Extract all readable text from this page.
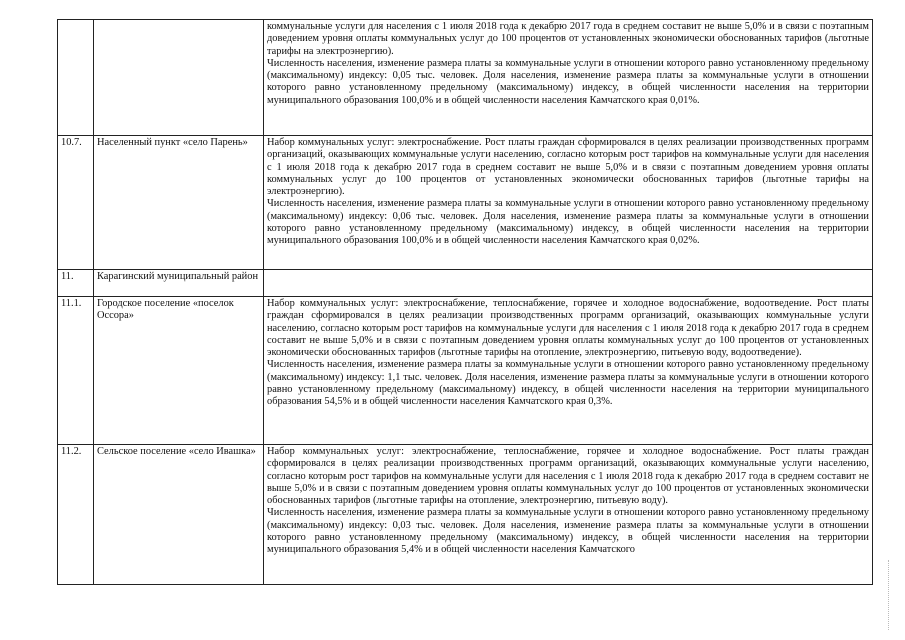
		коммунальные услуги для населения с 1 июля 2018 года к декабрю 2017 года в среднем составит не выше 5,0% и в связи с поэтапным доведением уровня оплаты коммунальных услуг до 100 процентов от установленных экономически обоснованных тарифов (льготные тарифы на электроэнергию).

Численность населения, изменение размера платы за коммунальные услуги в отношении которого равно установленному предельному (максимальному) индексу: 0,05 тыс. человек. Доля населения, изменение размера платы за коммунальные услуги в отношении которого равно установленному предельному (максимальному) индексу, в общей численности населения на территории муниципального образования 100,0% и в общей численности населения Камчатского края 0,01%.

10.7.	Населенный пункт «село Парень»	Набор коммунальных услуг: электроснабжение. Рост платы граждан сформировался в целях реализации производственных программ организаций, оказывающих коммунальные услуги населению, согласно которым рост тарифов на коммунальные услуги для населения с 1 июля 2018 года к декабрю 2017 года в среднем составит не выше 5,0% и в связи с поэтапным доведением уровня оплаты коммунальных услуг до 100 процентов от установленных экономически обоснованных тарифов (льготные тарифы на электроэнергию).

Численность населения, изменение размера платы за коммунальные услуги в отношении которого равно установленному предельному (максимальному) индексу: 0,06 тыс. человек. Доля населения, изменение размера платы за коммунальные услуги в отношении которого равно установленному предельному (максимальному) индексу, в общей численности населения на территории муниципального образования 100,0% и в общей численности населения Камчатского края 0,02%.

11.	Карагинский муниципальный район	
11.1.	Городское поселение «поселок Оссора»	Набор коммунальных услуг: электроснабжение, теплоснабжение, горячее и холодное водоснабжение, водоотведение. Рост платы граждан сформировался в целях реализации производственных программ организаций, оказывающих коммунальные услуги населению, согласно которым рост тарифов на коммунальные услуги для населения с 1 июля 2018 года к декабрю 2017 года в среднем составит не выше 5,0% и в связи с поэтапным доведением уровня оплаты коммунальных услуг до 100 процентов от установленных экономически обоснованных тарифов (льготные тарифы на отопление, электроэнергию, питьевую воду, водоотведение).

Численность населения, изменение размера платы за коммунальные услуги в отношении которого равно установленному предельному (максимальному) индексу: 1,1 тыс. человек. Доля населения, изменение размера платы за коммунальные услуги в отношении которого равно установленному предельному (максимальному) индексу, в общей численности населения на территории муниципального образования 54,5% и в общей численности населения Камчатского края 0,3%.

11.2.	Сельское поселение «село Ивашка»	Набор коммунальных услуг: электроснабжение, теплоснабжение, горячее и холодное водоснабжение. Рост платы граждан сформировался в целях реализации производственных программ организаций, оказывающих коммунальные услуги населению, согласно которым рост тарифов на коммунальные услуги для населения с 1 июля 2018 года к декабрю 2017 года в среднем составит не выше 5,0% и в связи с поэтапным доведением уровня оплаты коммунальных услуг до 100 процентов от установленных экономически обоснованных тарифов (льготные тарифы на отопление, электроэнергию, питьевую воду).

Численность населения, изменение размера платы за коммунальные услуги в отношении которого равно установленному предельному (максимальному) индексу: 0,03 тыс. человек. Доля населения, изменение размера платы за коммунальные услуги в отношении которого равно установленному предельному (максимальному) индексу, в общей численности населения на территории муниципального образования 5,4% и в общей численности населения Камчатского
